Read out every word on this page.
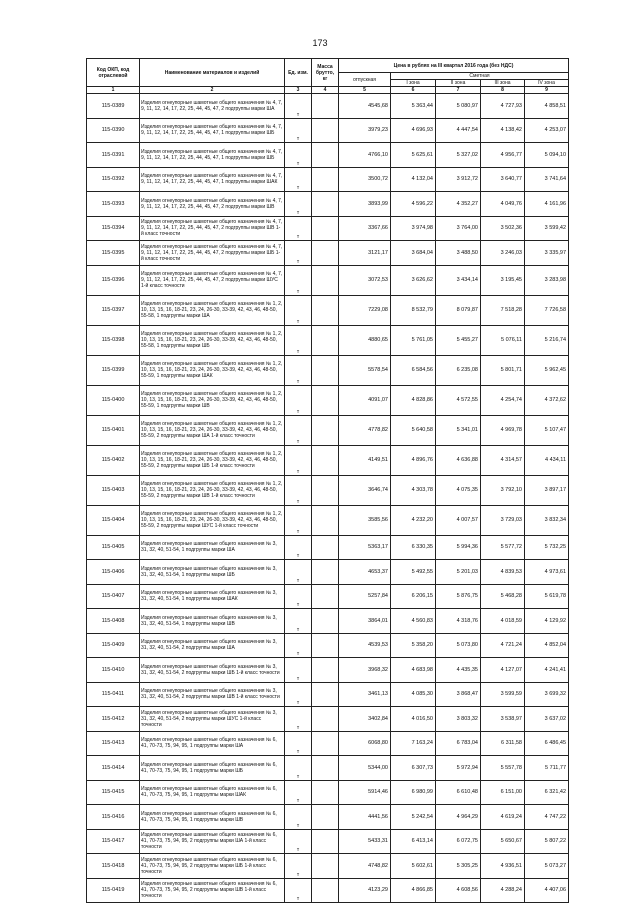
173
Код ОКП, код отраслевой	Наименование материалов и изделий	Ед. изм.	Масса брутто, кг	Цена в рублях на III квартал 2016 года (без НДС)				
				отпускная	Сметная			
					I зона	II зона	III зона	IV зона
1	2	3	4	5	6	7	8	9
115-0389	Изделия огнеупорные шамотные общего назначения № 4, 7, 9, 11, 12, 14, 17, 22, 25, 44, 45, 47, 2 подгруппы марки ША	т		4545,68	5 363,44	5 080,97	4 727,93	4 858,51
115-0390	Изделия огнеупорные шамотные общего назначения № 4, 7, 9, 11, 12, 14, 17, 22, 25, 44, 45, 47, 1 подгруппы марки ШБ	т		3979,23	4 696,93	4 447,54	4 138,42	4 253,07
115-0391	Изделия огнеупорные шамотные общего назначения № 4, 7, 9, 11, 12, 14, 17, 22, 25, 44, 45, 47, 1 подгруппы марки ШБ	т		4766,10	5 625,61	5 327,02	4 956,77	5 094,10
115-0392	Изделия огнеупорные шамотные общего назначения № 4, 7, 9, 11, 12, 14, 17, 22, 25, 44, 45, 47, 1 подгруппы марки ШАК	т		3500,72	4 132,04	3 912,72	3 640,77	3 741,64
115-0393	Изделия огнеупорные шамотные общего назначения № 4, 7, 9, 11, 12, 14, 17, 22, 25, 44, 45, 47, 2 подгруппы марки ШВ	т		3893,99	4 596,22	4 352,27	4 049,76	4 161,96
115-0394	Изделия огнеупорные шамотные общего назначения № 4, 7, 9, 11, 12, 14, 17, 22, 25, 44, 45, 47, 2 подгруппы марки ШВ 1-й класс точности	т		3367,66	3 974,98	3 764,00	3 502,36	3 599,42
115-0395	Изделия огнеупорные шамотные общего назначения № 4, 7, 9, 11, 12, 14, 17, 22, 25, 44, 45, 47, 2 подгруппы марки ШБ 1-й класс точности	т		3121,17	3 684,04	3 488,50	3 246,03	3 335,97
115-0396	Изделия огнеупорные шамотные общего назначения № 4, 7, 9, 11, 12, 14, 17, 22, 25, 44, 45, 47, 2 подгруппы марки ШУС 1-й класс точности	т		3072,53	3 626,62	3 434,14	3 195,45	3 283,98
115-0397	Изделия огнеупорные шамотные общего назначения № 1, 2, 10, 13, 15, 16, 18-21, 23, 24, 26-30, 33-39, 42, 43, 46, 48-50, 55-58, 1 подгруппы марки ША	т		7229,08	8 532,79	8 079,87	7 518,28	7 726,58
115-0398	Изделия огнеупорные шамотные общего назначения № 1, 2, 10, 13, 15, 16, 18-21, 23, 24, 26-30, 33-39, 42, 43, 46, 48-50, 55-58, 1 подгруппы марки ШБ	т		4880,65	5 761,05	5 455,27	5 076,11	5 216,74
115-0399	Изделия огнеупорные шамотные общего назначения № 1, 2, 10, 13, 15, 16, 18-21, 23, 24, 26-30, 33-39, 42, 43, 46, 48-50, 55-59, 1 подгруппы марки ШАК	т		5578,54	6 584,56	6 235,08	5 801,71	5 962,45
115-0400	Изделия огнеупорные шамотные общего назначения № 1, 2, 10, 13, 15, 16, 18-21, 23, 24, 26-30, 33-39, 42, 43, 46, 48-50, 55-59, 1 подгруппы марки ШВ	т		4091,07	4 828,86	4 572,55	4 254,74	4 372,62
115-0401	Изделия огнеупорные шамотные общего назначения № 1, 2, 10, 13, 15, 16, 18-21, 23, 24, 26-30, 33-39, 42, 43, 46, 48-50, 55-59, 2 подгруппы марки ША 1-й класс точности	т		4778,82	5 640,58	5 341,01	4 969,78	5 107,47
115-0402	Изделия огнеупорные шамотные общего назначения № 1, 2, 10, 13, 15, 16, 18-21, 23, 24, 26-30, 33-39, 42, 43, 46, 48-50, 55-59, 2 подгруппы марки ШБ 1-й класс точности	т		4149,51	4 896,76	4 636,88	4 314,57	4 434,11
115-0403	Изделия огнеупорные шамотные общего назначения № 1, 2, 10, 13, 15, 16, 18-21, 23, 24, 26-30, 33-39, 42, 43, 46, 48-50, 55-59, 2 подгруппы марки ШВ 1-й класс точности	т		3646,74	4 303,78	4 075,35	3 792,10	3 897,17
115-0404	Изделия огнеупорные шамотные общего назначения № 1, 2, 10, 13, 15, 16, 18-21, 23, 24, 26-30, 33-39, 42, 43, 46, 48-50, 55-59, 2 подгруппы марки ШУС 1-й класс точности	т		3585,56	4 232,20	4 007,57	3 729,03	3 832,34
115-0405	Изделия огнеупорные шамотные общего назначения № 3, 31, 32, 40, 51-54, 1 подгруппы марки ША	т		5363,17	6 330,35	5 994,36	5 577,72	5 732,25
115-0406	Изделия огнеупорные шамотные общего назначения № 3, 31, 32, 40, 51-54, 1 подгруппы марки ШБ	т		4653,37	5 492,55	5 201,03	4 839,53	4 973,61
115-0407	Изделия огнеупорные шамотные общего назначения № 3, 31, 32, 40, 51-54, 1 подгруппы марки ШАК	т		5257,84	6 206,15	5 876,75	5 468,28	5 619,78
115-0408	Изделия огнеупорные шамотные общего назначения № 3, 31, 32, 40, 51-54, 1 подгруппы марки ШВ	т		3864,01	4 560,83	4 318,76	4 018,59	4 129,92
115-0409	Изделия огнеупорные шамотные общего назначения № 3, 31, 32, 40, 51-54, 2 подгруппы марки ША	т		4539,53	5 358,20	5 073,80	4 721,24	4 852,04
115-0410	Изделия огнеупорные шамотные общего назначения № 3, 31, 32, 40, 51-54, 2 подгруппы марки ШБ 1-й класс точности	т		3968,32	4 683,98	4 435,35	4 127,07	4 241,41
115-0411	Изделия огнеупорные шамотные общего назначения № 3, 31, 32, 40, 51-54, 2 подгруппы марки ШВ 1-й класс точности	т		3461,13	4 085,30	3 868,47	3 599,59	3 699,32
115-0412	Изделия огнеупорные шамотные общего назначения № 3, 31, 32, 40, 51-54, 2 подгруппы марки ШУС 1-й класс точности	т		3402,84	4 016,50	3 803,32	3 538,97	3 637,02
115-0413	Изделия огнеупорные шамотные общего назначения № 6, 41, 70-73, 75, 94, 95, 1 подгруппы марки ША	т		6068,80	7 163,24	6 783,04	6 311,58	6 486,45
115-0414	Изделия огнеупорные шамотные общего назначения № 6, 41, 70-73, 75, 94, 95, 1 подгруппы марки ШБ	т		5344,00	6 307,73	5 972,94	5 557,78	5 711,77
115-0415	Изделия огнеупорные шамотные общего назначения № 6, 41, 70-73, 75, 94, 95, 1 подгруппы марки ШАК	т		5914,46	6 980,99	6 610,48	6 151,00	6 321,42
115-0416	Изделия огнеупорные шамотные общего назначения № 6, 41, 70-73, 75, 94, 95, 1 подгруппы марки ШВ	т		4441,56	5 242,54	4 964,29	4 619,24	4 747,22
115-0417	Изделия огнеупорные шамотные общего назначения № 6, 41, 70-73, 75, 94, 95, 2 подгруппы марки ША 1-й класс точности	т		5433,31	6 413,14	6 072,75	5 650,67	5 807,22
115-0418	Изделия огнеупорные шамотные общего назначения № 6, 41, 70-73, 75, 94, 95, 2 подгруппы марки ШБ 1-й класс точности	т		4748,82	5 602,61	5 305,25	4 936,51	5 073,27
115-0419	Изделия огнеупорные шамотные общего назначения № 6, 41, 70-73, 75, 94, 95, 2 подгруппы марки ШВ 1-й класс точности	т		4123,29	4 866,85	4 608,56	4 288,24	4 407,06
